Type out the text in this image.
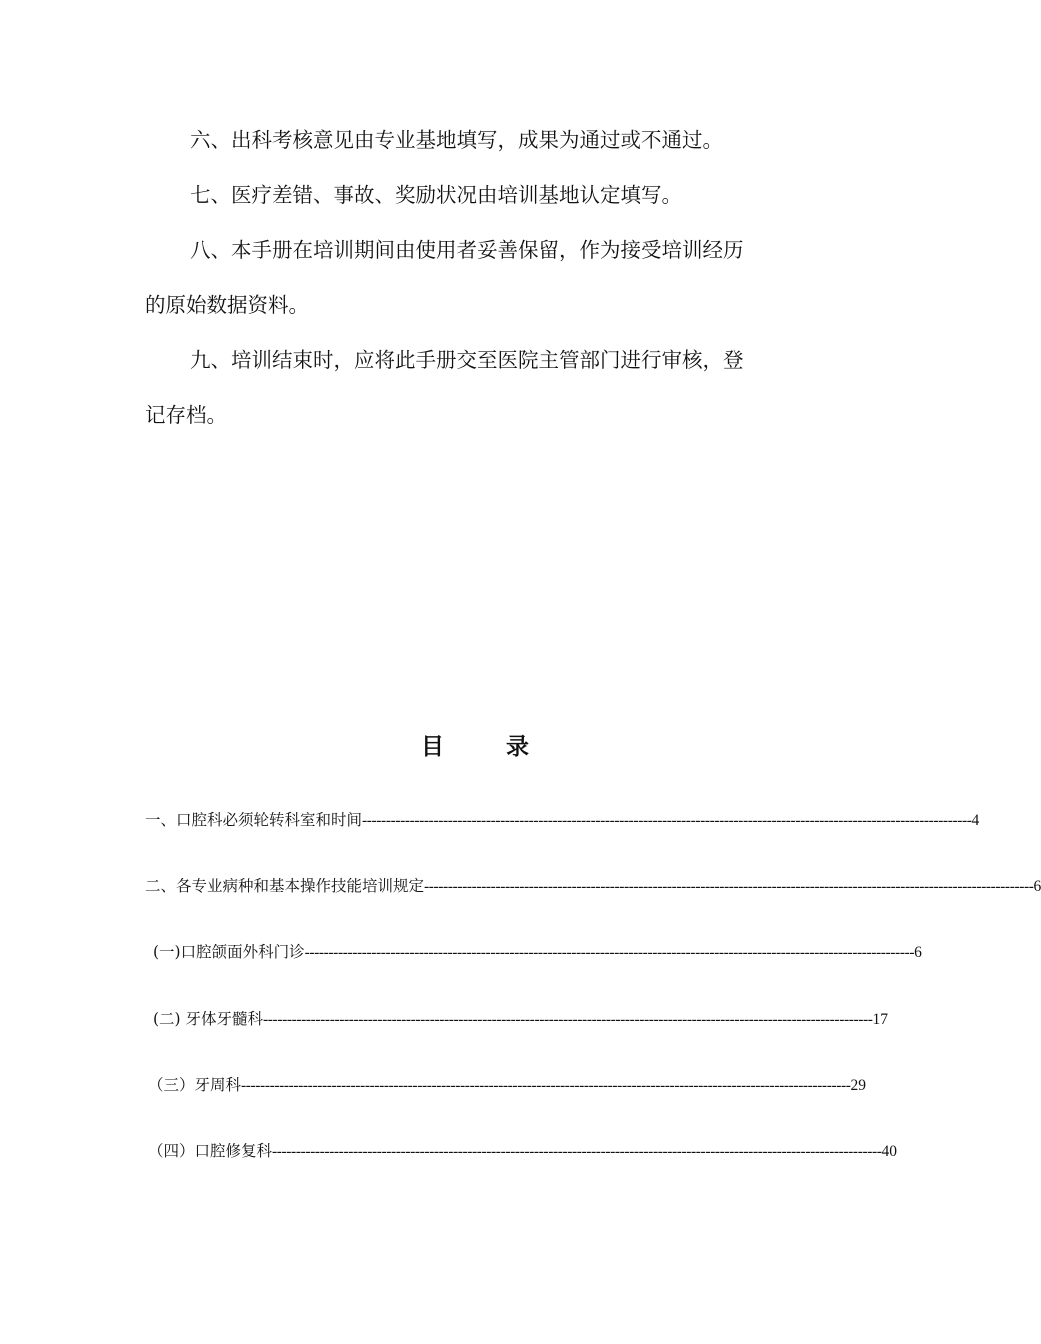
六、出科考核意见由专业基地填写，成果为通过或不通过。

七、医疗差错、事故、奖励状况由培训基地认定填写。

八、本手册在培训期间由使用者妥善保留，作为接受培训经历
的原始数据资料。

九、培训结束时，应将此手册交至医院主管部门进行审核，登
记存档。

目	录
一、口腔科必须轮转科室和时间 -------------------------------------------------------------------------------------------------------------------------------- 4
二、各专业病种和基本操作技能培训规定 -------------------------------------------------------------------------------------------------------------------------------- 6
(一)口腔颌面外科门诊 -------------------------------------------------------------------------------------------------------------------------------- 6
(二) 牙体牙髓科 -------------------------------------------------------------------------------------------------------------------------------- 17
（三）牙周科 -------------------------------------------------------------------------------------------------------------------------------- 29
（四）口腔修复科 -------------------------------------------------------------------------------------------------------------------------------- 40
